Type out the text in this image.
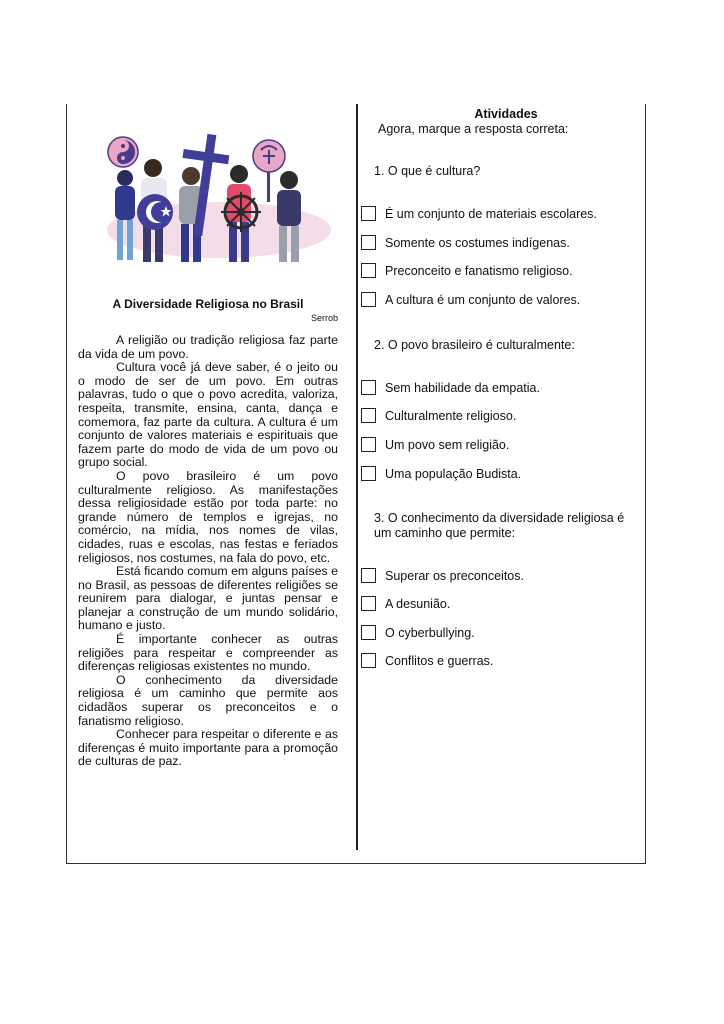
A Diversidade Religiosa no Brasil
Serrob

A religião ou tradição religiosa faz parte da vida de um povo.

Cultura você já deve saber, é o jeito ou o modo de ser de um povo. Em outras palavras, tudo o que o povo acredita, valoriza, respeita, transmite, ensina, canta, dança e comemora, faz parte da cultura. A cultura é um conjunto de valores materiais e espirituais que fazem parte do modo de vida de um povo ou grupo social.

O povo brasileiro é um povo culturalmente religioso. As manifestações dessa religiosidade estão por toda parte: no grande número de templos e igrejas, no comércio, na mídia, nos nomes de vilas, cidades, ruas e escolas, nas festas e feriados religiosos, nos costumes, na fala do povo, etc.

Está ficando comum em alguns países e no Brasil, as pessoas de diferentes religiões se reunirem para dialogar, e juntas pensar e planejar a construção de um mundo solidário, humano e justo.

É importante conhecer as outras religiões para respeitar e compreender as diferenças religiosas existentes no mundo.

O conhecimento da diversidade religiosa é um caminho que permite aos cidadãos superar os preconceitos e o fanatismo religioso.

Conhecer para respeitar o diferente e as diferenças é muito importante para a promoção de culturas de paz.

Atividades
Agora, marque a resposta correta:
1. O que é cultura?
É um conjunto de materiais escolares.
Somente os costumes indígenas.
Preconceito e fanatismo religioso.
A cultura é um conjunto de valores.
2. O povo brasileiro é culturalmente:
Sem habilidade da empatia.
Culturalmente religioso.
Um povo sem religião.
Uma população Budista.
3. O conhecimento da diversidade religiosa é um caminho que permite:
Superar os preconceitos.
A desunião.
O cyberbullying.
Conflitos e guerras.
